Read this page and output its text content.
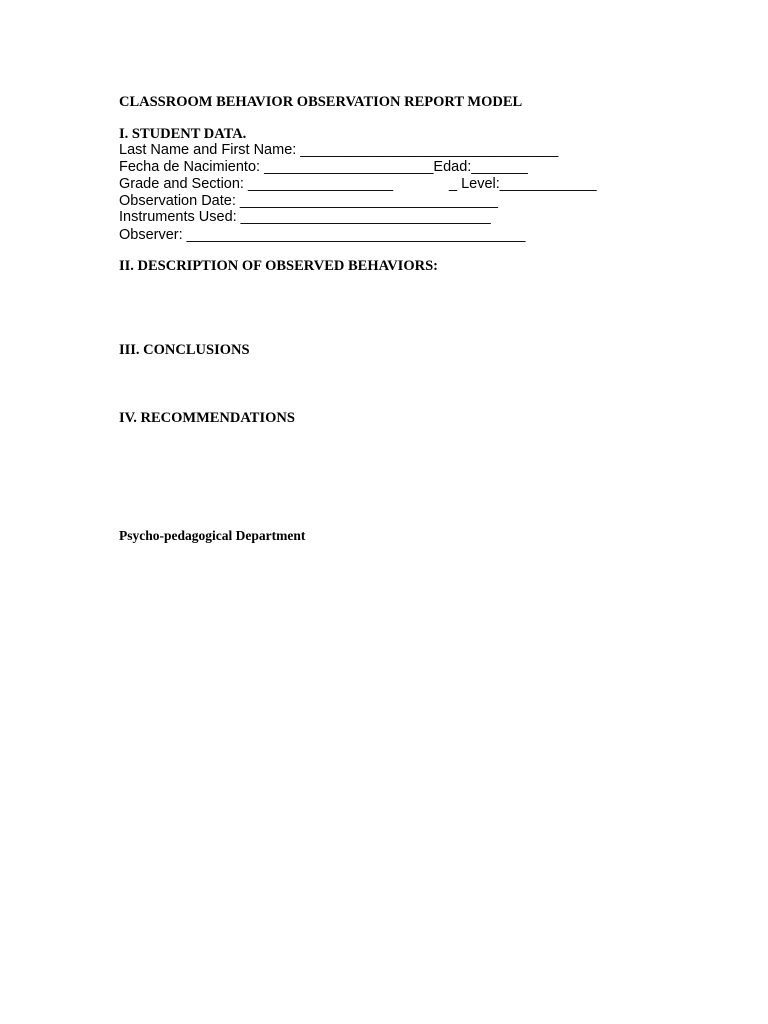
CLASSROOM BEHAVIOR OBSERVATION REPORT MODEL
I. STUDENT DATA.
Last Name and First Name: ________________________________
Fecha de Nacimiento: _____________________Edad:_______
Grade and Section: __________________	_ Level:____________
Observation Date: ________________________________
Instruments Used: _______________________________
Observer: __________________________________________
II. DESCRIPTION OF OBSERVED BEHAVIORS:
III. CONCLUSIONS
IV. RECOMMENDATIONS
Psycho-pedagogical Department
